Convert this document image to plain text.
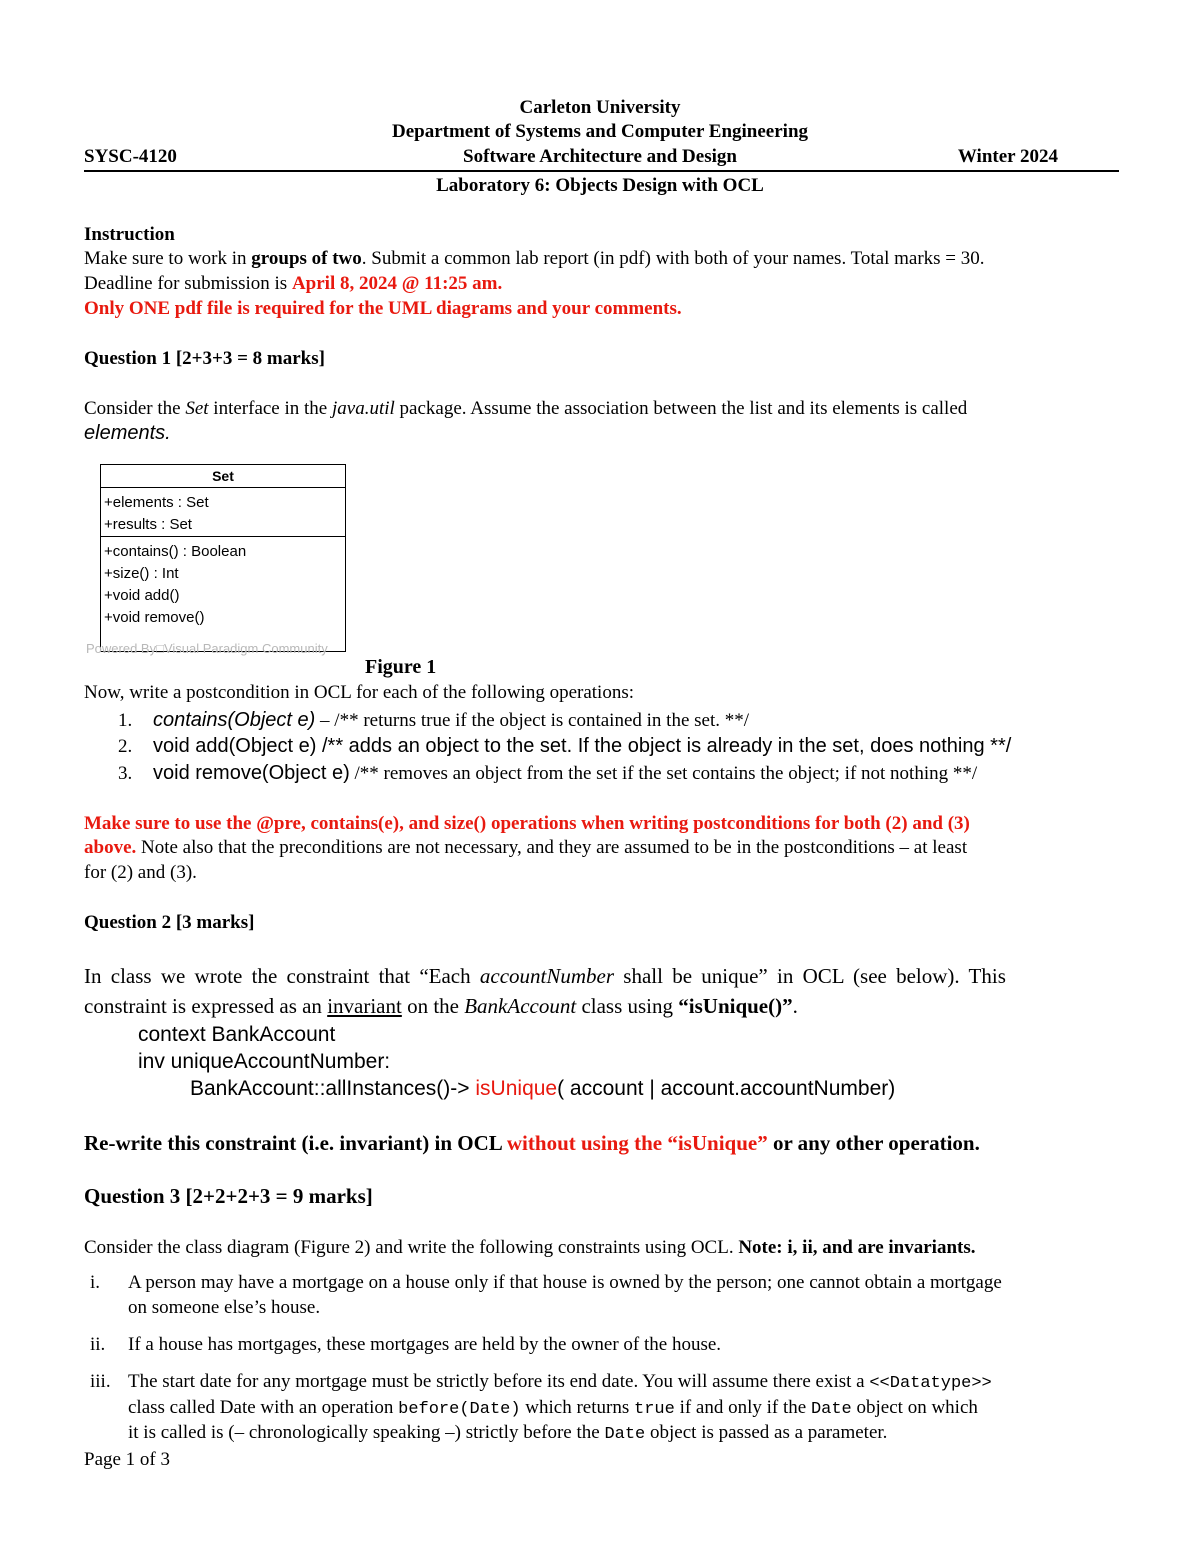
Carleton University
Department of Systems and Computer Engineering
SYSC-4120	Software Architecture and Design	Winter 2024
Laboratory 6: Objects Design with OCL
Instruction
Make sure to work in groups of two. Submit a common lab report (in pdf) with both of your names. Total marks = 30.
Deadline for submission is April 8, 2024 @ 11:25 am.
Only ONE pdf file is required for the UML diagrams and your comments.
Question 1 [2+3+3 = 8 marks]
Consider the Set interface in the java.util package. Assume the association between the list and its elements is called
elements.
Set
+elements : Set
+results : Set
+contains() : Boolean
+size() : Int
+void add()
+void remove()
Powered By□Visual Paradigm Community
Figure 1
Now, write a postcondition in OCL for each of the following operations:
1. contains(Object e) – /** returns true if the object is contained in the set. **/
2. void add(Object e) /** adds an object to the set. If the object is already in the set, does nothing **/
3. void remove(Object e) /** removes an object from the set if the set contains the object; if not nothing **/
Make sure to use the @pre, contains(e), and size() operations when writing postconditions for both (2) and (3)
above. Note also that the preconditions are not necessary, and they are assumed to be in the postconditions – at least
for (2) and (3).
Question 2 [3 marks]
In class we wrote the constraint that “Each accountNumber shall be unique” in OCL (see below). This
constraint is expressed as an invariant on the BankAccount class using “isUnique()”.
context BankAccount
inv uniqueAccountNumber:
BankAccount::allInstances()-> isUnique( account | account.accountNumber)
Re-write this constraint (i.e. invariant) in OCL without using the “isUnique” or any other operation.
Question 3 [2+2+2+3 = 9 marks]
Consider the class diagram (Figure 2) and write the following constraints using OCL. Note: i, ii, and are invariants.
i. A person may have a mortgage on a house only if that house is owned by the person; one cannot obtain a mortgage
on someone else’s house.
ii. If a house has mortgages, these mortgages are held by the owner of the house.
iii. The start date for any mortgage must be strictly before its end date. You will assume there exist a <<Datatype>>
class called Date with an operation before(Date) which returns true if and only if the Date object on which
it is called is (– chronologically speaking –) strictly before the Date object is passed as a parameter.
Page 1 of 3
